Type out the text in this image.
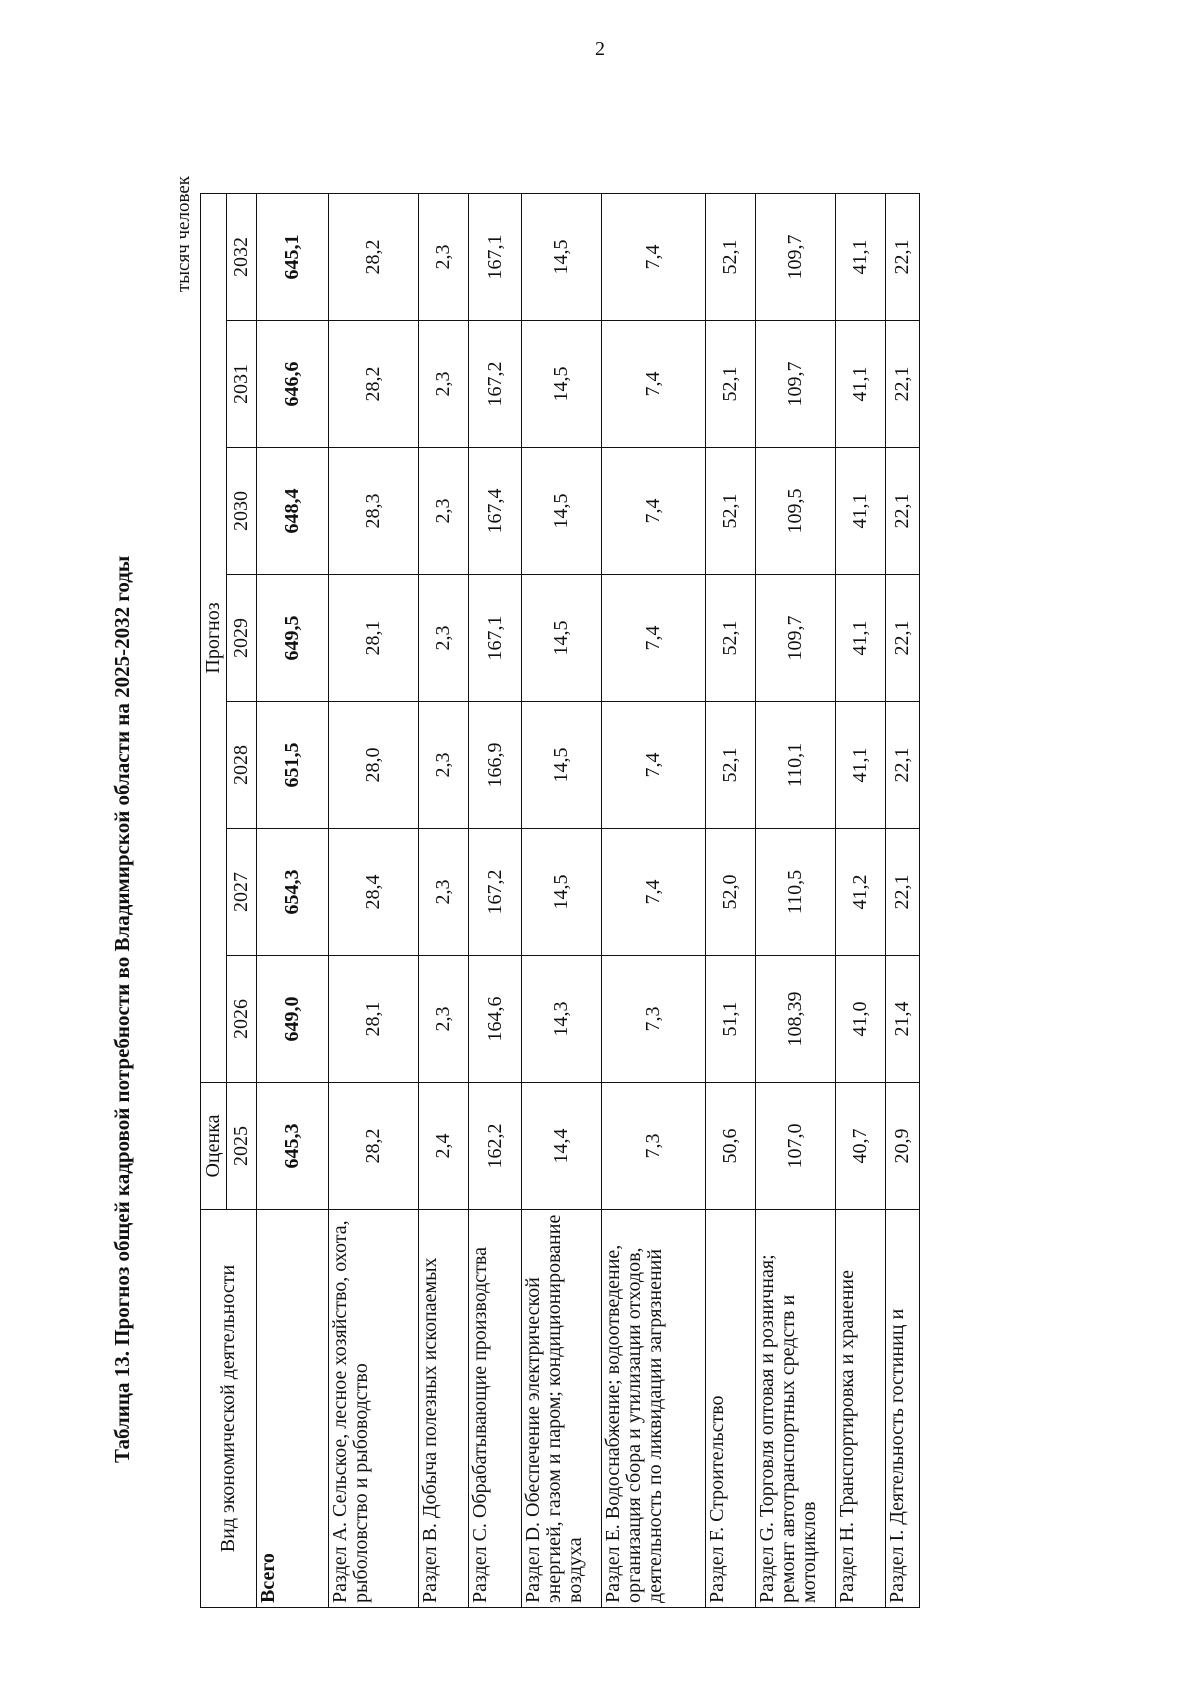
2
Таблица 13. Прогноз общей кадровой потребности во Владимирской области на 2025-2032 годы
тысяч человек
Вид экономической деятельности	Оценка	Прогноз						
	2025	2026	2027	2028	2029	2030	2031	2032
Всего	645,3	649,0	654,3	651,5	649,5	648,4	646,6	645,1
Раздел А. Сельское, лесное хозяйство, охота, рыболовство и рыбоводство	28,2	28,1	28,4	28,0	28,1	28,3	28,2	28,2
Раздел В. Добыча полезных ископаемых	2,4	2,3	2,3	2,3	2,3	2,3	2,3	2,3
Раздел С. Обрабатывающие производства	162,2	164,6	167,2	166,9	167,1	167,4	167,2	167,1
Раздел D. Обеспечение электрической энергией, газом и паром; кондиционирование воздуха	14,4	14,3	14,5	14,5	14,5	14,5	14,5	14,5
Раздел Е. Водоснабжение; водоотведение, организация сбора и утилизации отходов, деятельность по ликвидации загрязнений	7,3	7,3	7,4	7,4	7,4	7,4	7,4	7,4
Раздел F. Строительство	50,6	51,1	52,0	52,1	52,1	52,1	52,1	52,1
Раздел G. Торговля оптовая и розничная; ремонт автотранспортных средств и мотоциклов	107,0	108,39	110,5	110,1	109,7	109,5	109,7	109,7
Раздел Н. Транспортировка и хранение	40,7	41,0	41,2	41,1	41,1	41,1	41,1	41,1
Раздел I. Деятельность гостиниц и	20,9	21,4	22,1	22,1	22,1	22,1	22,1	22,1
